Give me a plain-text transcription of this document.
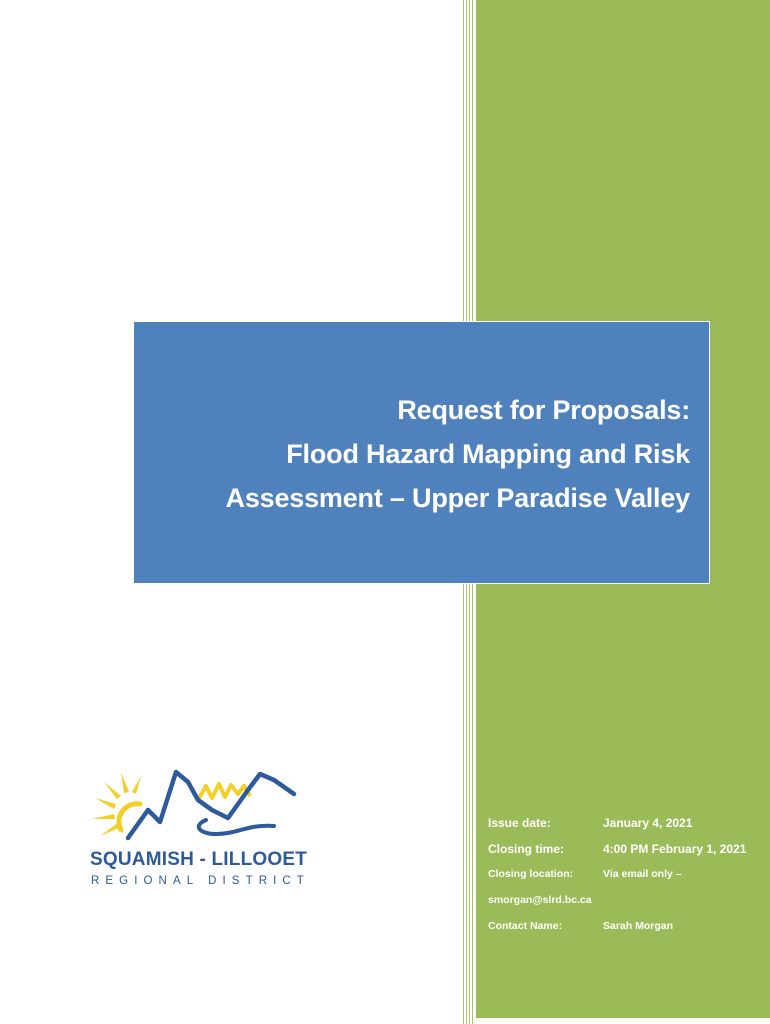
Request for Proposals:
Flood Hazard Mapping and Risk
Assessment – Upper Paradise Valley
SQUAMISH - LILLOOET
REGIONAL DISTRICT
Issue date:	January 4, 2021
Closing time:	4:00 PM February 1, 2021
Closing location:	Via email only –
smorgan@slrd.bc.ca
Contact Name:	Sarah Morgan
